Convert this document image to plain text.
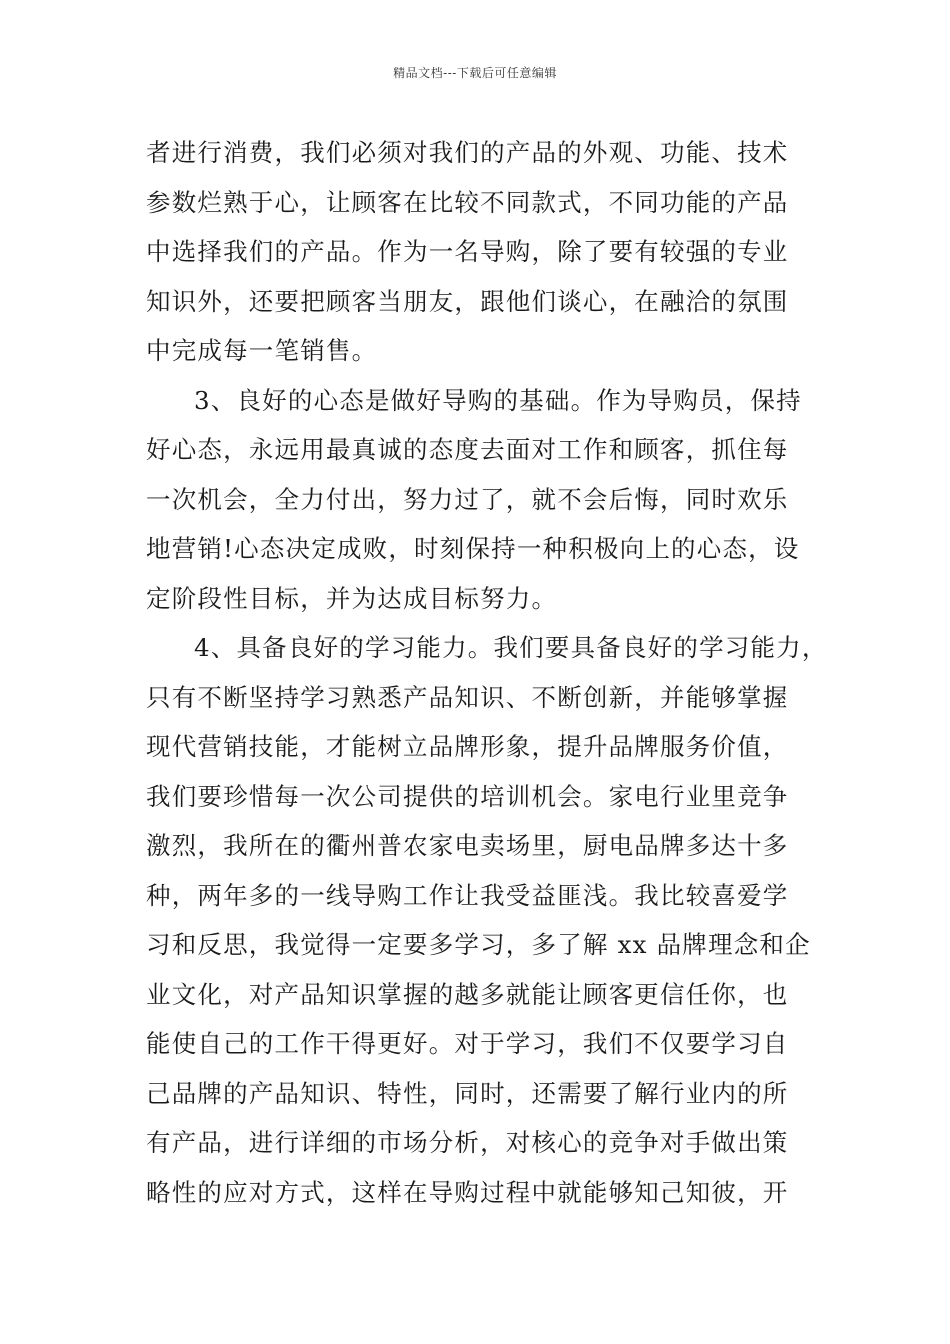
精品文档---下载后可任意编辑
者进行消费，我们必须对我们的产品的外观、功能、技术
参数烂熟于心，让顾客在比较不同款式，不同功能的产品
中选择我们的产品。作为一名导购，除了要有较强的专业
知识外，还要把顾客当朋友，跟他们谈心，在融洽的氛围
中完成每一笔销售。
3、良好的心态是做好导购的基础。作为导购员，保持
好心态，永远用最真诚的态度去面对工作和顾客，抓住每
一次机会，全力付出，努力过了，就不会后悔，同时欢乐
地营销!心态决定成败，时刻保持一种积极向上的心态，设
定阶段性目标，并为达成目标努力。
4、具备良好的学习能力。我们要具备良好的学习能力，
只有不断坚持学习熟悉产品知识、不断创新，并能够掌握
现代营销技能，才能树立品牌形象，提升品牌服务价值，
我们要珍惜每一次公司提供的培训机会。家电行业里竞争
激烈，我所在的衢州普农家电卖场里，厨电品牌多达十多
种，两年多的一线导购工作让我受益匪浅。我比较喜爱学
习和反思，我觉得一定要多学习，多了解 xx 品牌理念和企
业文化，对产品知识掌握的越多就能让顾客更信任你，也
能使自己的工作干得更好。对于学习，我们不仅要学习自
己品牌的产品知识、特性，同时，还需要了解行业内的所
有产品，进行详细的市场分析，对核心的竞争对手做出策
略性的应对方式，这样在导购过程中就能够知己知彼，开
